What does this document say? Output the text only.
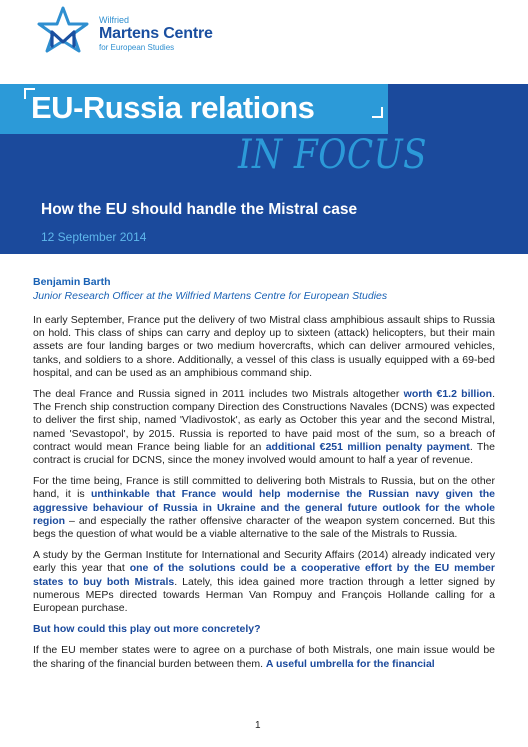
Wilfried
Martens Centre
for European Studies
EU-Russia relations
IN FOCUS
How the EU should handle the Mistral case
12 September 2014
Benjamin Barth
Junior Research Officer at the Wilfried Martens Centre for European Studies

In early September, France put the delivery of two Mistral class amphibious assault ships to Russia on hold. This class of ships can carry and deploy up to sixteen (attack) helicopters, but their main assets are four landing barges or two medium hovercrafts, which can deliver armoured vehicles, tanks, and soldiers to a shore. Additionally, a vessel of this class is usually equipped with a 69-bed hospital, and can be used as an amphibious command ship.

The deal France and Russia signed in 2011 includes two Mistrals altogether worth €1.2 billion. The French ship construction company Direction des Constructions Navales (DCNS) was expected to deliver the first ship, named 'Vladivostok', as early as October this year and the second Mistral, named 'Sevastopol', by 2015. Russia is reported to have paid most of the sum, so a breach of contract would mean France being liable for an additional €251 million penalty payment. The contract is crucial for DCNS, since the money involved would amount to half a year of revenue.

For the time being, France is still committed to delivering both Mistrals to Russia, but on the other hand, it is unthinkable that France would help modernise the Russian navy given the aggressive behaviour of Russia in Ukraine and the general future outlook for the whole region – and especially the rather offensive character of the weapon system concerned. But this begs the question of what would be a viable alternative to the sale of the Mistrals to Russia.

A study by the German Institute for International and Security Affairs (2014) already indicated very early this year that one of the solutions could be a cooperative effort by the EU member states to buy both Mistrals. Lately, this idea gained more traction through a letter signed by numerous MEPs directed towards Herman Van Rompuy and François Hollande calling for a European purchase.

But how could this play out more concretely?

If the EU member states were to agree on a purchase of both Mistrals, one main issue would be the sharing of the financial burden between them. A useful umbrella for the financial

1
